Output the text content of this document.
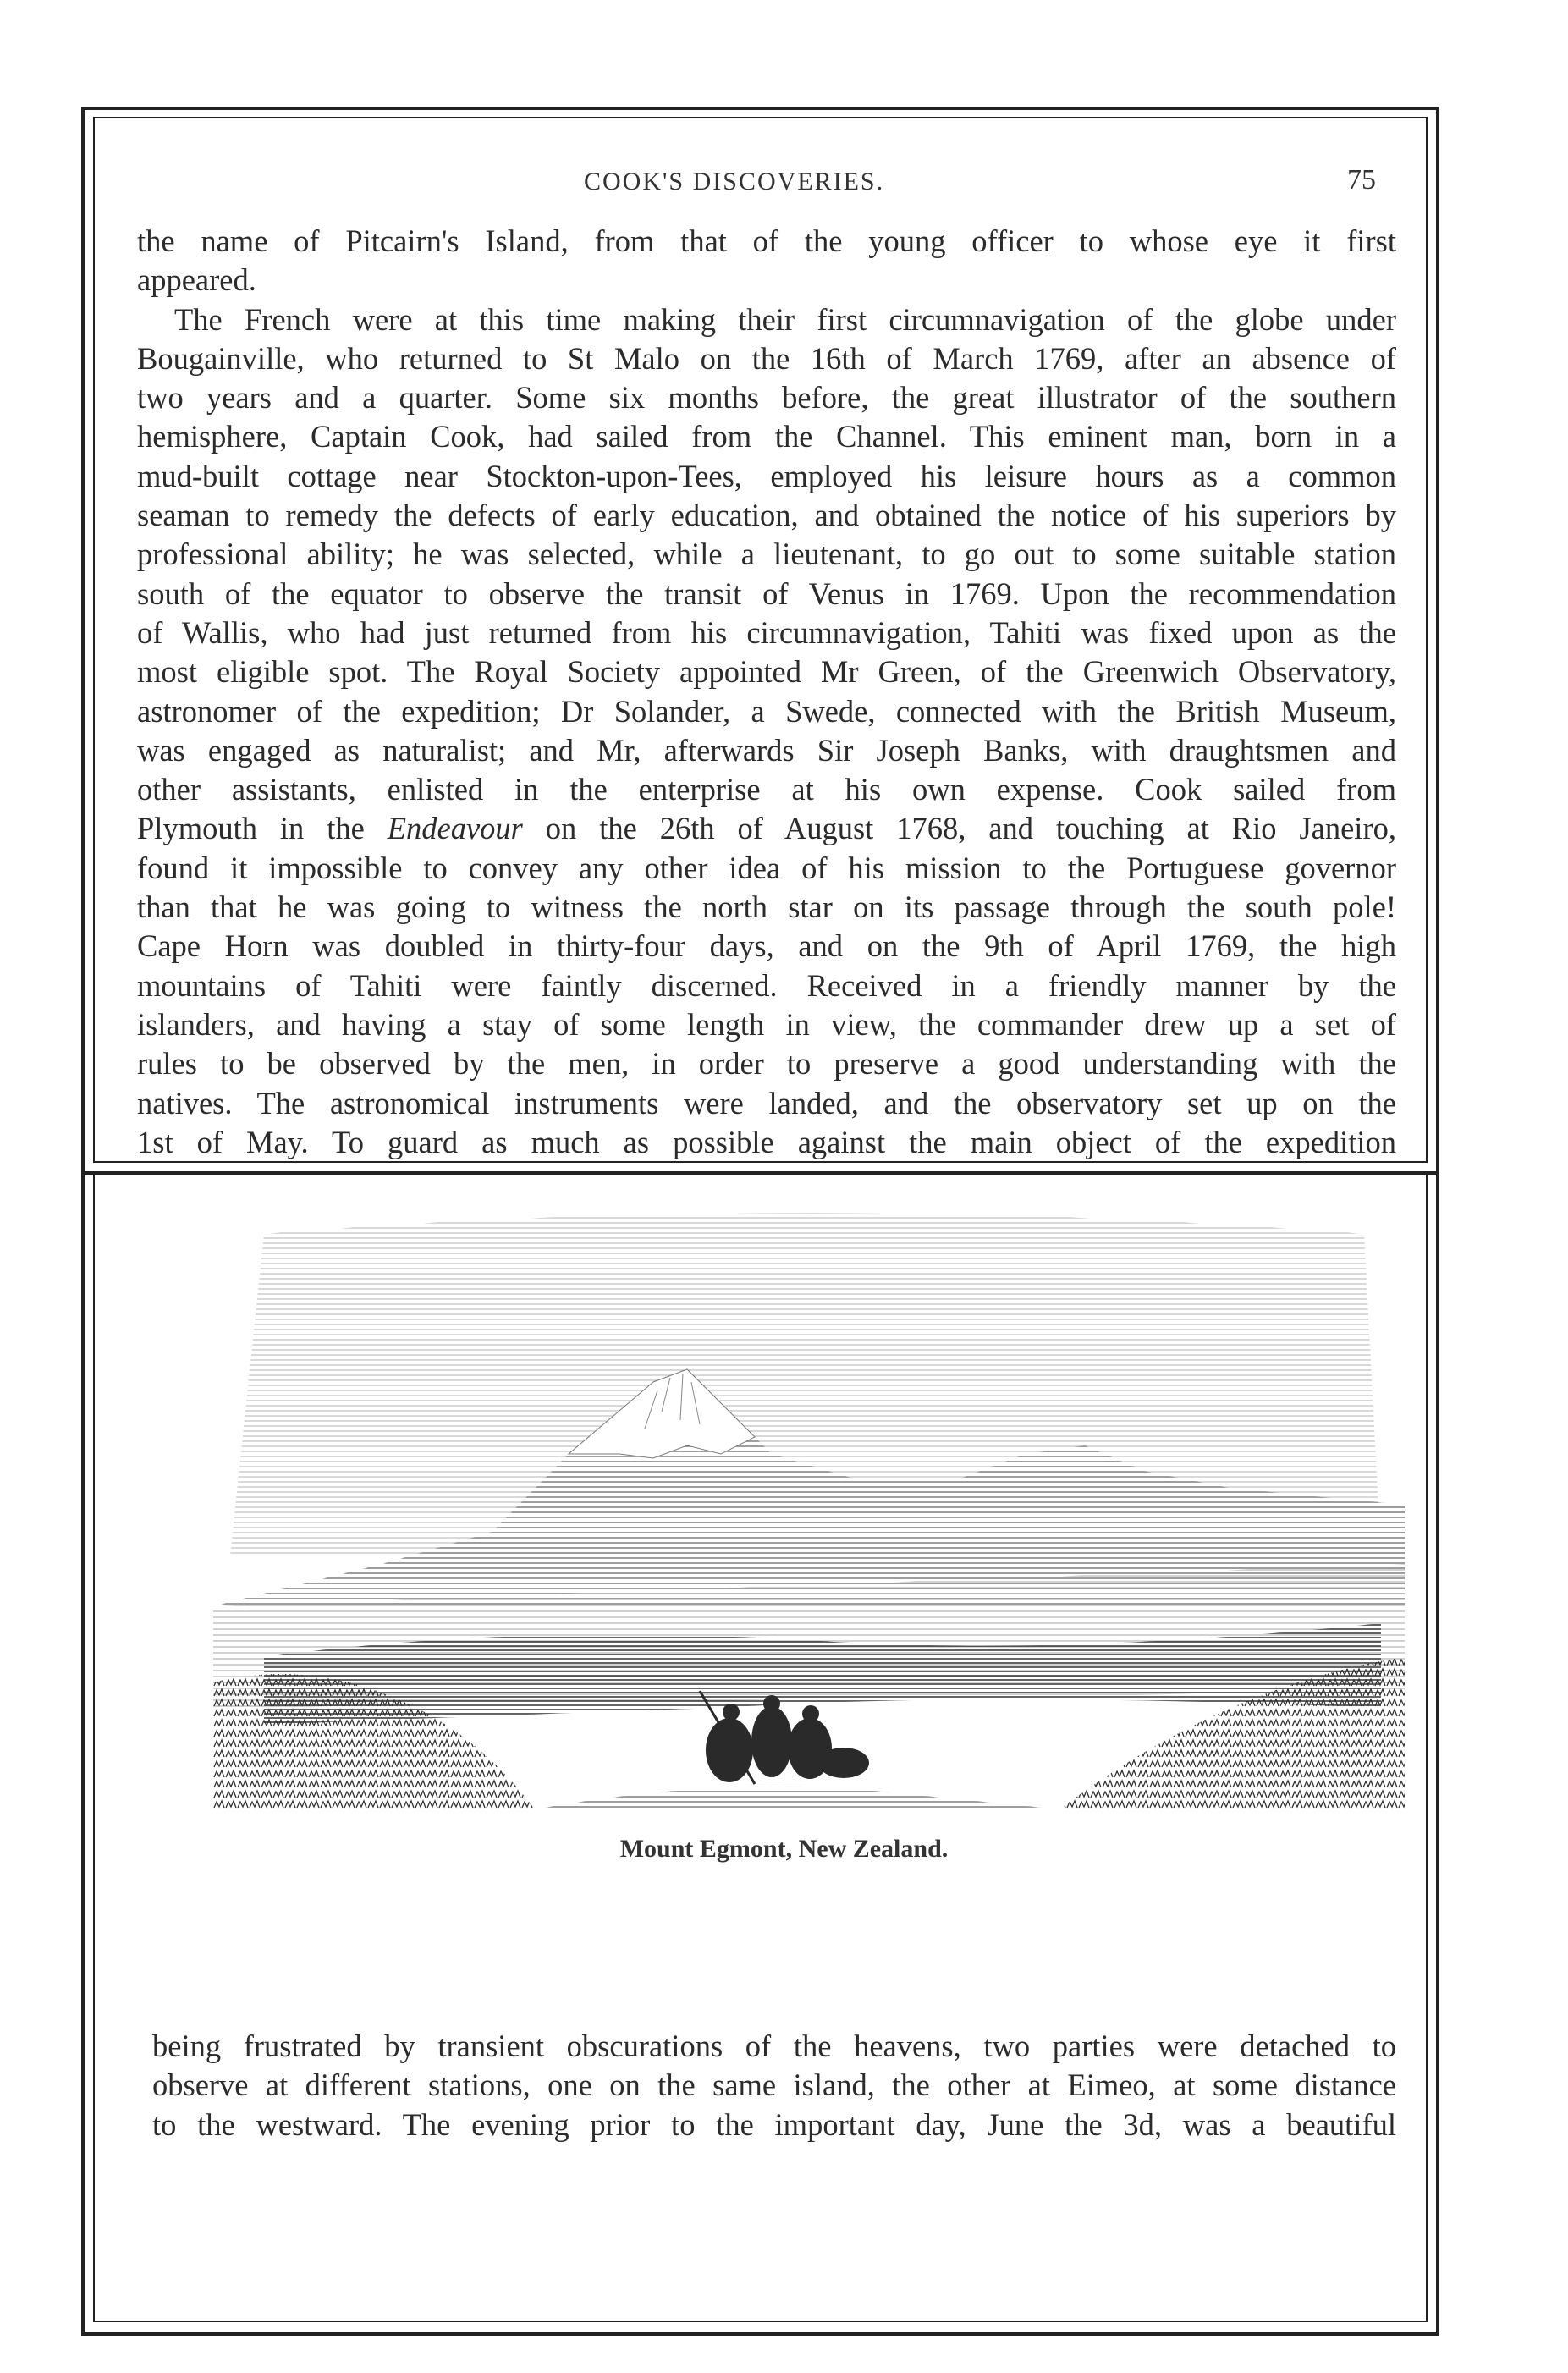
COOK'S DISCOVERIES.	75
the name of Pitcairn's Island, from that of the young officer to whose eye it first
appeared.
The French were at this time making their first circumnavigation of the globe under
Bougainville, who returned to St Malo on the 16th of March 1769, after an absence of
two years and a quarter. Some six months before, the great illustrator of the southern
hemisphere, Captain Cook, had sailed from the Channel. This eminent man, born in a
mud-built cottage near Stockton-upon-Tees, employed his leisure hours as a common
seaman to remedy the defects of early education, and obtained the notice of his superiors by
professional ability; he was selected, while a lieutenant, to go out to some suitable station
south of the equator to observe the transit of Venus in 1769. Upon the recommendation
of Wallis, who had just returned from his circumnavigation, Tahiti was fixed upon as the
most eligible spot. The Royal Society appointed Mr Green, of the Greenwich Observatory,
astronomer of the expedition; Dr Solander, a Swede, connected with the British Museum,
was engaged as naturalist; and Mr, afterwards Sir Joseph Banks, with draughtsmen and
other assistants, enlisted in the enterprise at his own expense. Cook sailed from
Plymouth in the Endeavour on the 26th of August 1768, and touching at Rio Janeiro,
found it impossible to convey any other idea of his mission to the Portuguese governor
than that he was going to witness the north star on its passage through the south pole!
Cape Horn was doubled in thirty-four days, and on the 9th of April 1769, the high
mountains of Tahiti were faintly discerned. Received in a friendly manner by the
islanders, and having a stay of some length in view, the commander drew up a set of
rules to be observed by the men, in order to preserve a good understanding with the
natives. The astronomical instruments were landed, and the observatory set up on the
1st of May. To guard as much as possible against the main object of the expedition
Mount Egmont, New Zealand.
being frustrated by transient obscurations of the heavens, two parties were detached to
observe at different stations, one on the same island, the other at Eimeo, at some distance
to the westward. The evening prior to the important day, June the 3d, was a beautiful
